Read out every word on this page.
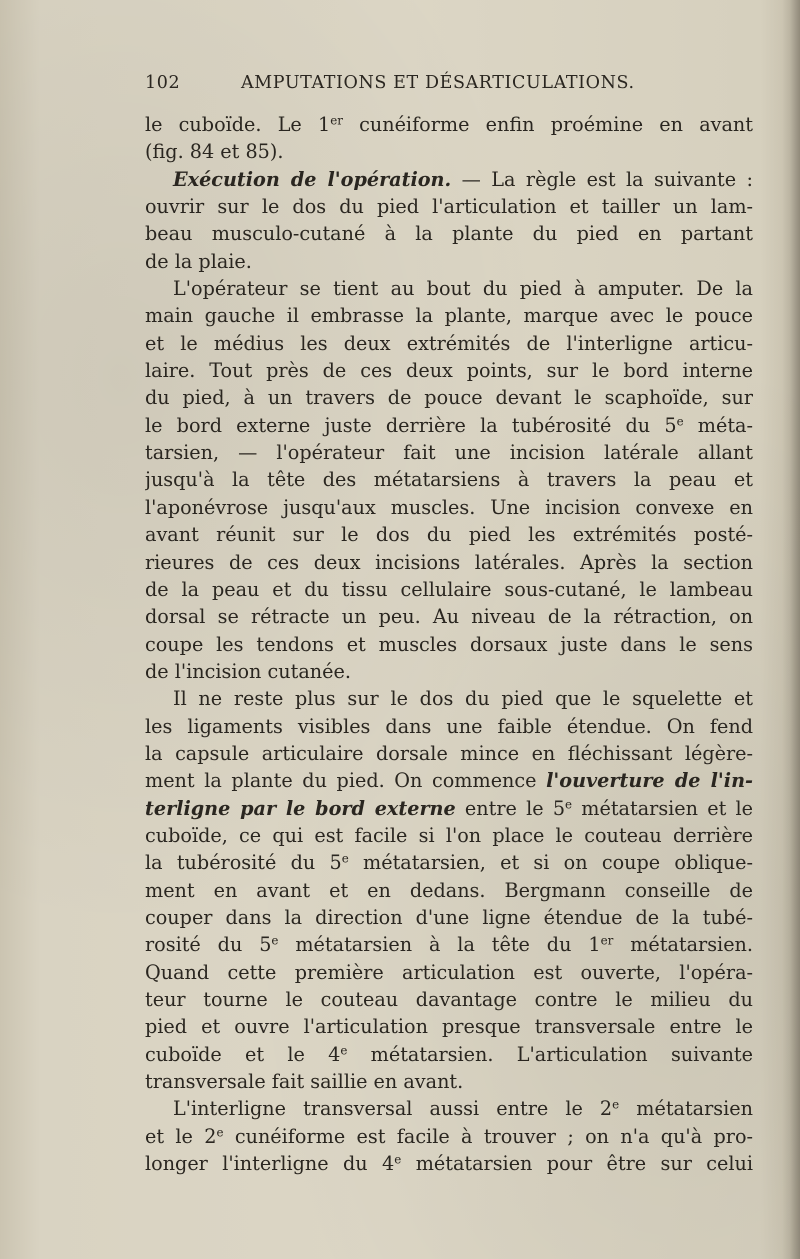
102	AMPUTATIONS ET DÉSARTICULATIONS.
le cuboïde. Le 1er cunéiforme enfin proémine en avant
(fig. 84 et 85).
Exécution de l'opération. — La règle est la suivante :
ouvrir sur le dos du pied l'articulation et tailler un lam-
beau musculo-cutané à la plante du pied en partant
de la plaie.
L'opérateur se tient au bout du pied à amputer. De la
main gauche il embrasse la plante, marque avec le pouce
et le médius les deux extrémités de l'interligne articu-
laire. Tout près de ces deux points, sur le bord interne
du pied, à un travers de pouce devant le scaphoïde, sur
le bord externe juste derrière la tubérosité du 5e méta-
tarsien, — l'opérateur fait une incision latérale allant
jusqu'à la tête des métatarsiens à travers la peau et
l'aponévrose jusqu'aux muscles. Une incision convexe en
avant réunit sur le dos du pied les extrémités posté-
rieures de ces deux incisions latérales. Après la section
de la peau et du tissu cellulaire sous-cutané, le lambeau
dorsal se rétracte un peu. Au niveau de la rétraction, on
coupe les tendons et muscles dorsaux juste dans le sens
de l'incision cutanée.
Il ne reste plus sur le dos du pied que le squelette et
les ligaments visibles dans une faible étendue. On fend
la capsule articulaire dorsale mince en fléchissant légère-
ment la plante du pied. On commence l'ouverture de l'in-
terligne par le bord externe entre le 5e métatarsien et le
cuboïde, ce qui est facile si l'on place le couteau derrière
la tubérosité du 5e métatarsien, et si on coupe oblique-
ment en avant et en dedans. Bergmann conseille de
couper dans la direction d'une ligne étendue de la tubé-
rosité du 5e métatarsien à la tête du 1er métatarsien.
Quand cette première articulation est ouverte, l'opéra-
teur tourne le couteau davantage contre le milieu du
pied et ouvre l'articulation presque transversale entre le
cuboïde et le 4e métatarsien. L'articulation suivante
transversale fait saillie en avant.
L'interligne transversal aussi entre le 2e métatarsien
et le 2e cunéiforme est facile à trouver ; on n'a qu'à pro-
longer l'interligne du 4e métatarsien pour être sur celui
